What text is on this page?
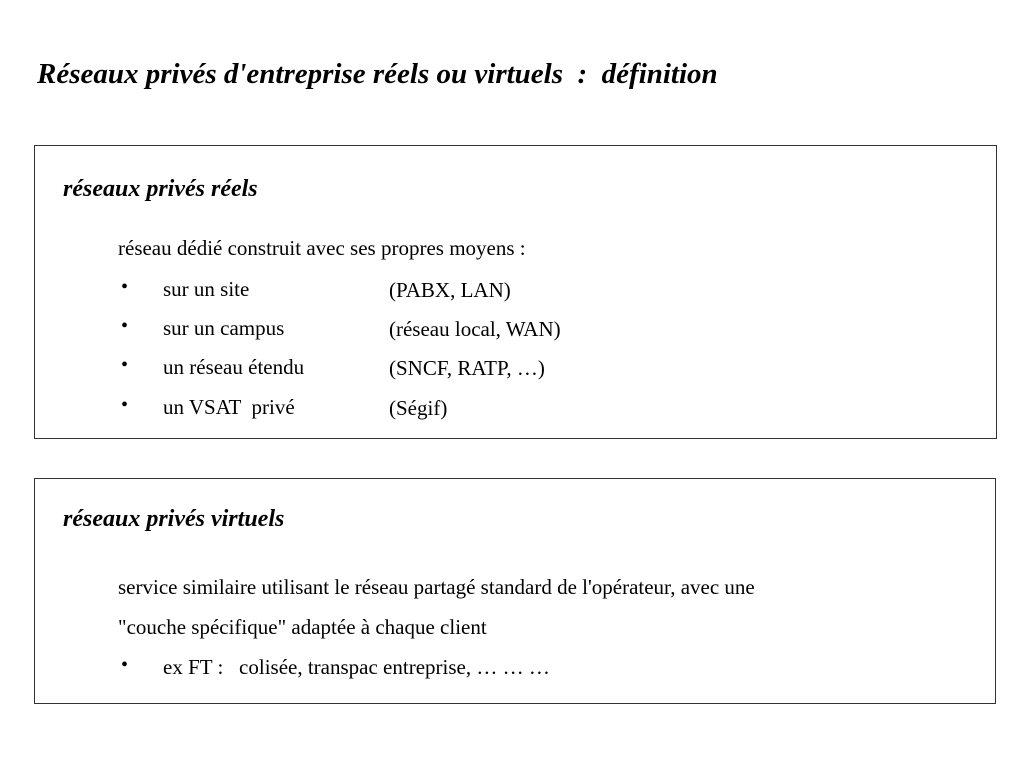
Réseaux privés d'entreprise réels ou virtuels  :  définition
réseaux privés réels
réseau dédié construit avec ses propres moyens :

•

sur un site

	(PABX, LAN)

•

sur un campus

	(réseau local, WAN)

•

un réseau étendu

	(SNCF, RATP, …)

•

un VSAT  privé

	(Ségif)

réseaux privés virtuels
service similaire utilisant le réseau partagé standard de l'opérateur, avec une
"couche spécifique" adaptée à chaque client

•

ex FT :   colisée, transpac entreprise, … … …
